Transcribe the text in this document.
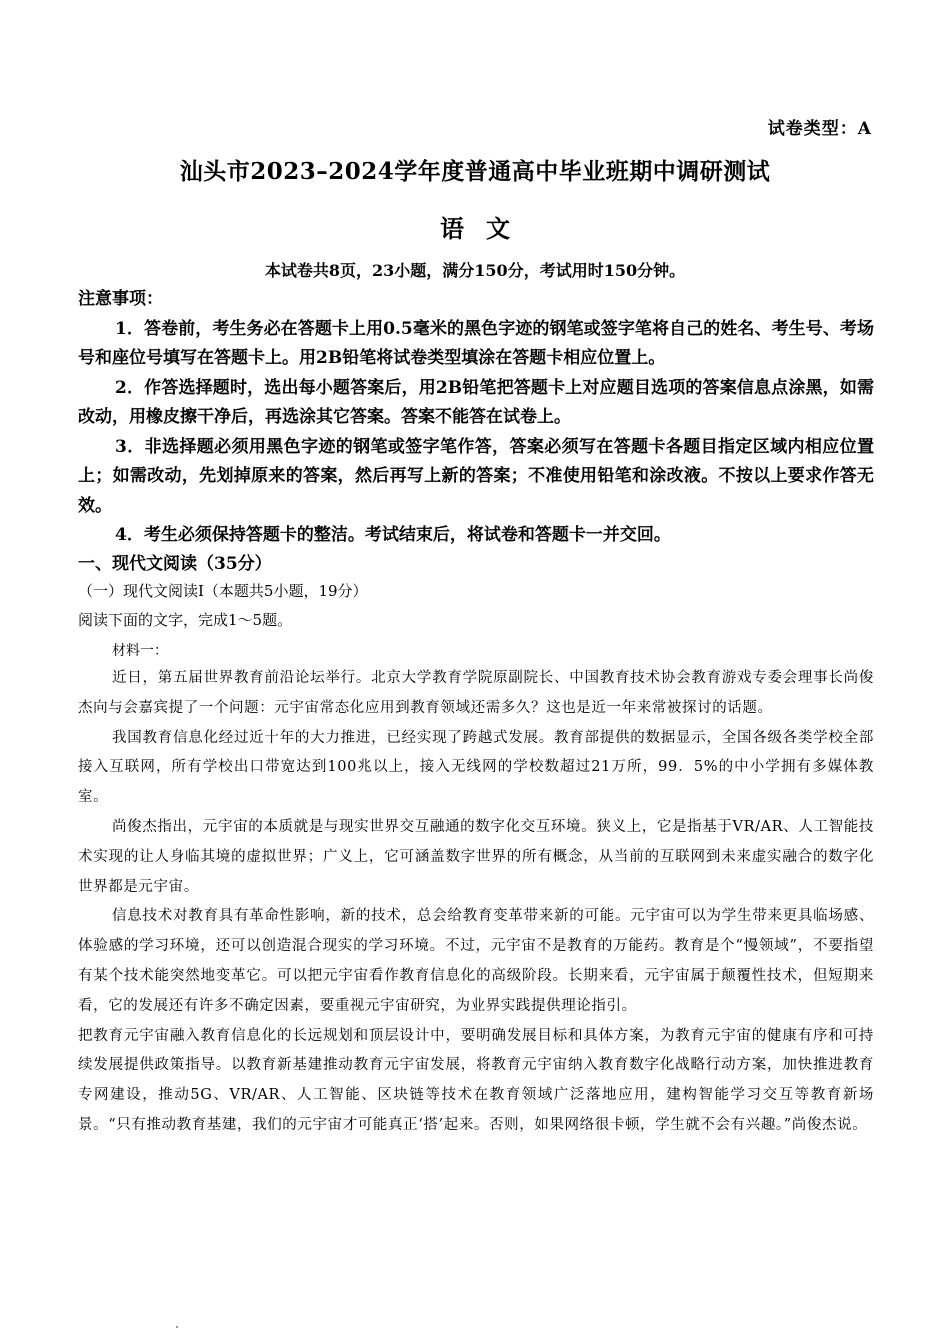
试卷类型：A
汕头市2023–2024学年度普通高中毕业班期中调研测试
语文
本试卷共8页，23小题，满分150分，考试用时150分钟。

注意事项：

1．答卷前，考生务必在答题卡上用0.5毫米的黑色字迹的钢笔或签字笔将自己的姓名、考生号、考场号和座位号填写在答题卡上。用2B铅笔将试卷类型填涂在答题卡相应位置上。

2．作答选择题时，选出每小题答案后，用2B铅笔把答题卡上对应题目选项的答案信息点涂黑，如需改动，用橡皮擦干净后，再选涂其它答案。答案不能答在试卷上。

3．非选择题必须用黑色字迹的钢笔或签字笔作答，答案必须写在答题卡各题目指定区域内相应位置上；如需改动，先划掉原来的答案，然后再写上新的答案；不准使用铅笔和涂改液。不按以上要求作答无效。

4．考生必须保持答题卡的整洁。考试结束后，将试卷和答题卡一并交回。

一、现代文阅读（35分）
（一）现代文阅读Ⅰ（本题共5小题，19分）
阅读下面的文字，完成1～5题。
材料一：

近日，第五届世界教育前沿论坛举行。北京大学教育学院原副院长、中国教育技术协会教育游戏专委会理事长尚俊杰向与会嘉宾提了一个问题：元宇宙常态化应用到教育领域还需多久？这也是近一年来常被探讨的话题。

我国教育信息化经过近十年的大力推进，已经实现了跨越式发展。教育部提供的数据显示，全国各级各类学校全部接入互联网，所有学校出口带宽达到100兆以上，接入无线网的学校数超过21万所，99．5%的中小学拥有多媒体教室。

尚俊杰指出，元宇宙的本质就是与现实世界交互融通的数字化交互环境。狭义上，它是指基于VR/AR、人工智能技术实现的让人身临其境的虚拟世界；广义上，它可涵盖数字世界的所有概念，从当前的互联网到未来虚实融合的数字化世界都是元宇宙。

信息技术对教育具有革命性影响，新的技术，总会给教育变革带来新的可能。元宇宙可以为学生带来更具临场感、体验感的学习环境，还可以创造混合现实的学习环境。不过，元宇宙不是教育的万能药。教育是个“慢领域”，不要指望有某个技术能突然地变革它。可以把元宇宙看作教育信息化的高级阶段。长期来看，元宇宙属于颠覆性技术，但短期来看，它的发展还有许多不确定因素，要重视元宇宙研究，为业界实践提供理论指引。

把教育元宇宙融入教育信息化的长远规划和顶层设计中，要明确发展目标和具体方案，为教育元宇宙的健康有序和可持续发展提供政策指导。以教育新基建推动教育元宇宙发展，将教育元宇宙纳入教育数字化战略行动方案，加快推进教育专网建设，推动5G、VR/AR、人工智能、区块链等技术在教育领域广泛落地应用，建构智能学习交互等教育新场景。“只有推动教育基建，我们的元宇宙才可能真正‘搭’起来。否则，如果网络很卡顿，学生就不会有兴趣。”尚俊杰说。
